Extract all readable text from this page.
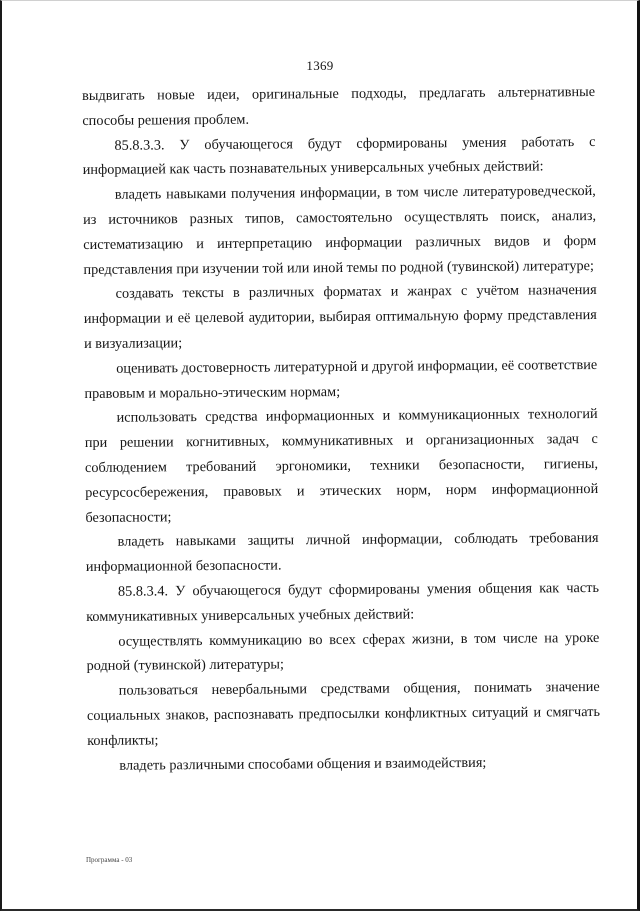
1369

выдвигать новые идеи, оригинальные подходы, предлагать альтернативные способы решения проблем.

85.8.3.3. У обучающегося будут сформированы умения работать с информацией как часть познавательных универсальных учебных действий:

владеть навыками получения информации, в том числе литературоведческой, из источников разных типов, самостоятельно осуществлять поиск, анализ, систематизацию и интерпретацию информации различных видов и форм представления при изучении той или иной темы по родной (тувинской) литературе;

создавать тексты в различных форматах и жанрах с учётом назначения информации и её целевой аудитории, выбирая оптимальную форму представления и визуализации;

оценивать достоверность литературной и другой информации, её соответствие правовым и морально-этическим нормам;

использовать средства информационных и коммуникационных технологий при решении когнитивных, коммуникативных и организационных задач с соблюдением требований эргономики, техники безопасности, гигиены, ресурсосбережения, правовых и этических норм, норм информационной безопасности;

владеть навыками защиты личной информации, соблюдать требования информационной безопасности.

85.8.3.4. У обучающегося будут сформированы умения общения как часть коммуникативных универсальных учебных действий:

осуществлять коммуникацию во всех сферах жизни, в том числе на уроке родной (тувинской) литературы;

пользоваться невербальными средствами общения, понимать значение социальных знаков, распознавать предпосылки конфликтных ситуаций и смягчать конфликты;

владеть различными способами общения и взаимодействия;

Программа - 03
